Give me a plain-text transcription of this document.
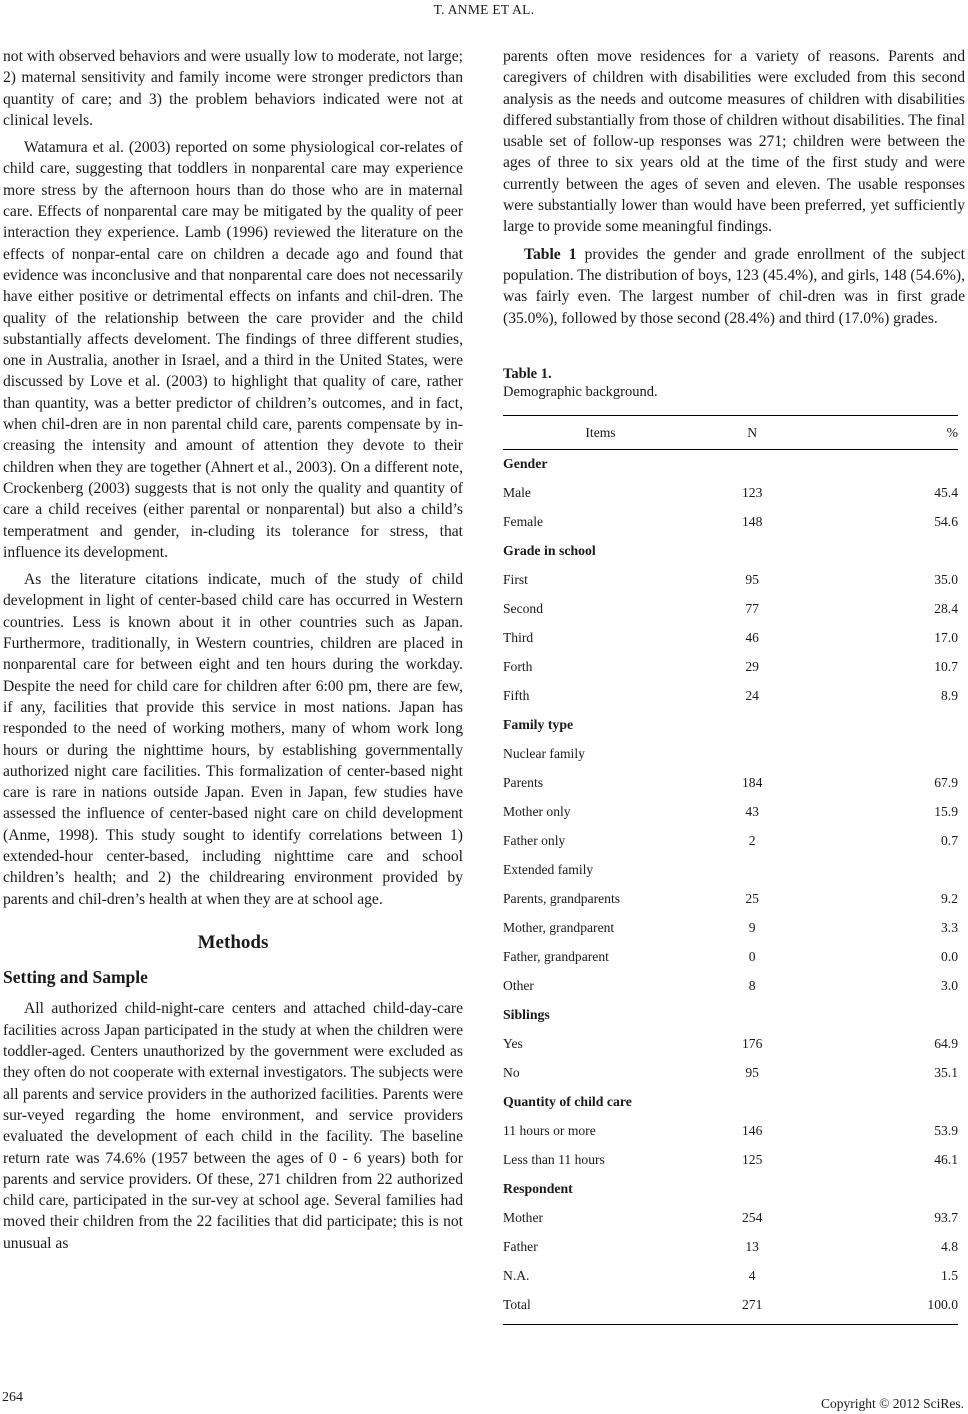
T. ANME ET AL.

not with observed behaviors and were usually low to moderate, not large; 2) maternal sensitivity and family income were stronger predictors than quantity of care; and 3) the problem behaviors indicated were not at clinical levels.

Watamura et al. (2003) reported on some physiological cor-relates of child care, suggesting that toddlers in nonparental care may experience more stress by the afternoon hours than do those who are in maternal care. Effects of nonparental care may be mitigated by the quality of peer interaction they experience. Lamb (1996) reviewed the literature on the effects of nonpar-ental care on children a decade ago and found that evidence was inconclusive and that nonparental care does not necessarily have either positive or detrimental effects on infants and chil-dren. The quality of the relationship between the care provider and the child substantially affects develoment. The findings of three different studies, one in Australia, another in Israel, and a third in the United States, were discussed by Love et al. (2003) to highlight that quality of care, rather than quantity, was a better predictor of children’s outcomes, and in fact, when chil-dren are in non parental child care, parents compensate by in-creasing the intensity and amount of attention they devote to their children when they are together (Ahnert et al., 2003). On a different note, Crockenberg (2003) suggests that is not only the quality and quantity of care a child receives (either parental or nonparental) but also a child’s temperatment and gender, in-cluding its tolerance for stress, that influence its development.

As the literature citations indicate, much of the study of child development in light of center-based child care has occurred in Western countries. Less is known about it in other countries such as Japan. Furthermore, traditionally, in Western countries, children are placed in nonparental care for between eight and ten hours during the workday. Despite the need for child care for children after 6:00 pm, there are few, if any, facilities that provide this service in most nations. Japan has responded to the need of working mothers, many of whom work long hours or during the nighttime hours, by establishing governmentally authorized night care facilities. This formalization of center-based night care is rare in nations outside Japan. Even in Japan, few studies have assessed the influence of center-based night care on child development (Anme, 1998). This study sought to identify correlations between 1) extended-hour center-based, including nighttime care and school children’s health; and 2) the childrearing environment provided by parents and chil-dren’s health at when they are at school age.

Methods
Setting and Sample

All authorized child-night-care centers and attached child-day-care facilities across Japan participated in the study at when the children were toddler-aged. Centers unauthorized by the government were excluded as they often do not cooperate with external investigators. The subjects were all parents and service providers in the authorized facilities. Parents were sur-veyed regarding the home environment, and service providers evaluated the development of each child in the facility. The baseline return rate was 74.6% (1957 between the ages of 0 - 6 years) both for parents and service providers. Of these, 271 children from 22 authorized child care, participated in the sur-vey at school age. Several families had moved their children from the 22 facilities that did participate; this is not unusual as

parents often move residences for a variety of reasons. Parents and caregivers of children with disabilities were excluded from this second analysis as the needs and outcome measures of children with disabilities differed substantially from those of children without disabilities. The final usable set of follow-up responses was 271; children were between the ages of three to six years old at the time of the first study and were currently between the ages of seven and eleven. The usable responses were substantially lower than would have been preferred, yet sufficiently large to provide some meaningful findings.

Table 1 provides the gender and grade enrollment of the subject population. The distribution of boys, 123 (45.4%), and girls, 148 (54.6%), was fairly even. The largest number of chil-dren was in first grade (35.0%), followed by those second (28.4%) and third (17.0%) grades.

Table 1.
Demographic background.
Items	N	%
Gender		
Male	123	45.4
Female	148	54.6
Grade in school		
First	95	35.0
Second	77	28.4
Third	46	17.0
Forth	29	10.7
Fifth	24	8.9
Family type		
Nuclear family		
Parents	184	67.9
Mother only	43	15.9
Father only	2	0.7
Extended family		
Parents, grandparents	25	9.2
Mother, grandparent	9	3.3
Father, grandparent	0	0.0
Other	8	3.0
Siblings		
Yes	176	64.9
No	95	35.1
Quantity of child care		
11 hours or more	146	53.9
Less than 11 hours	125	46.1
Respondent		
Mother	254	93.7
Father	13	4.8
N.A.	4	1.5
Total	271	100.0
264	Copyright © 2012 SciRes.
